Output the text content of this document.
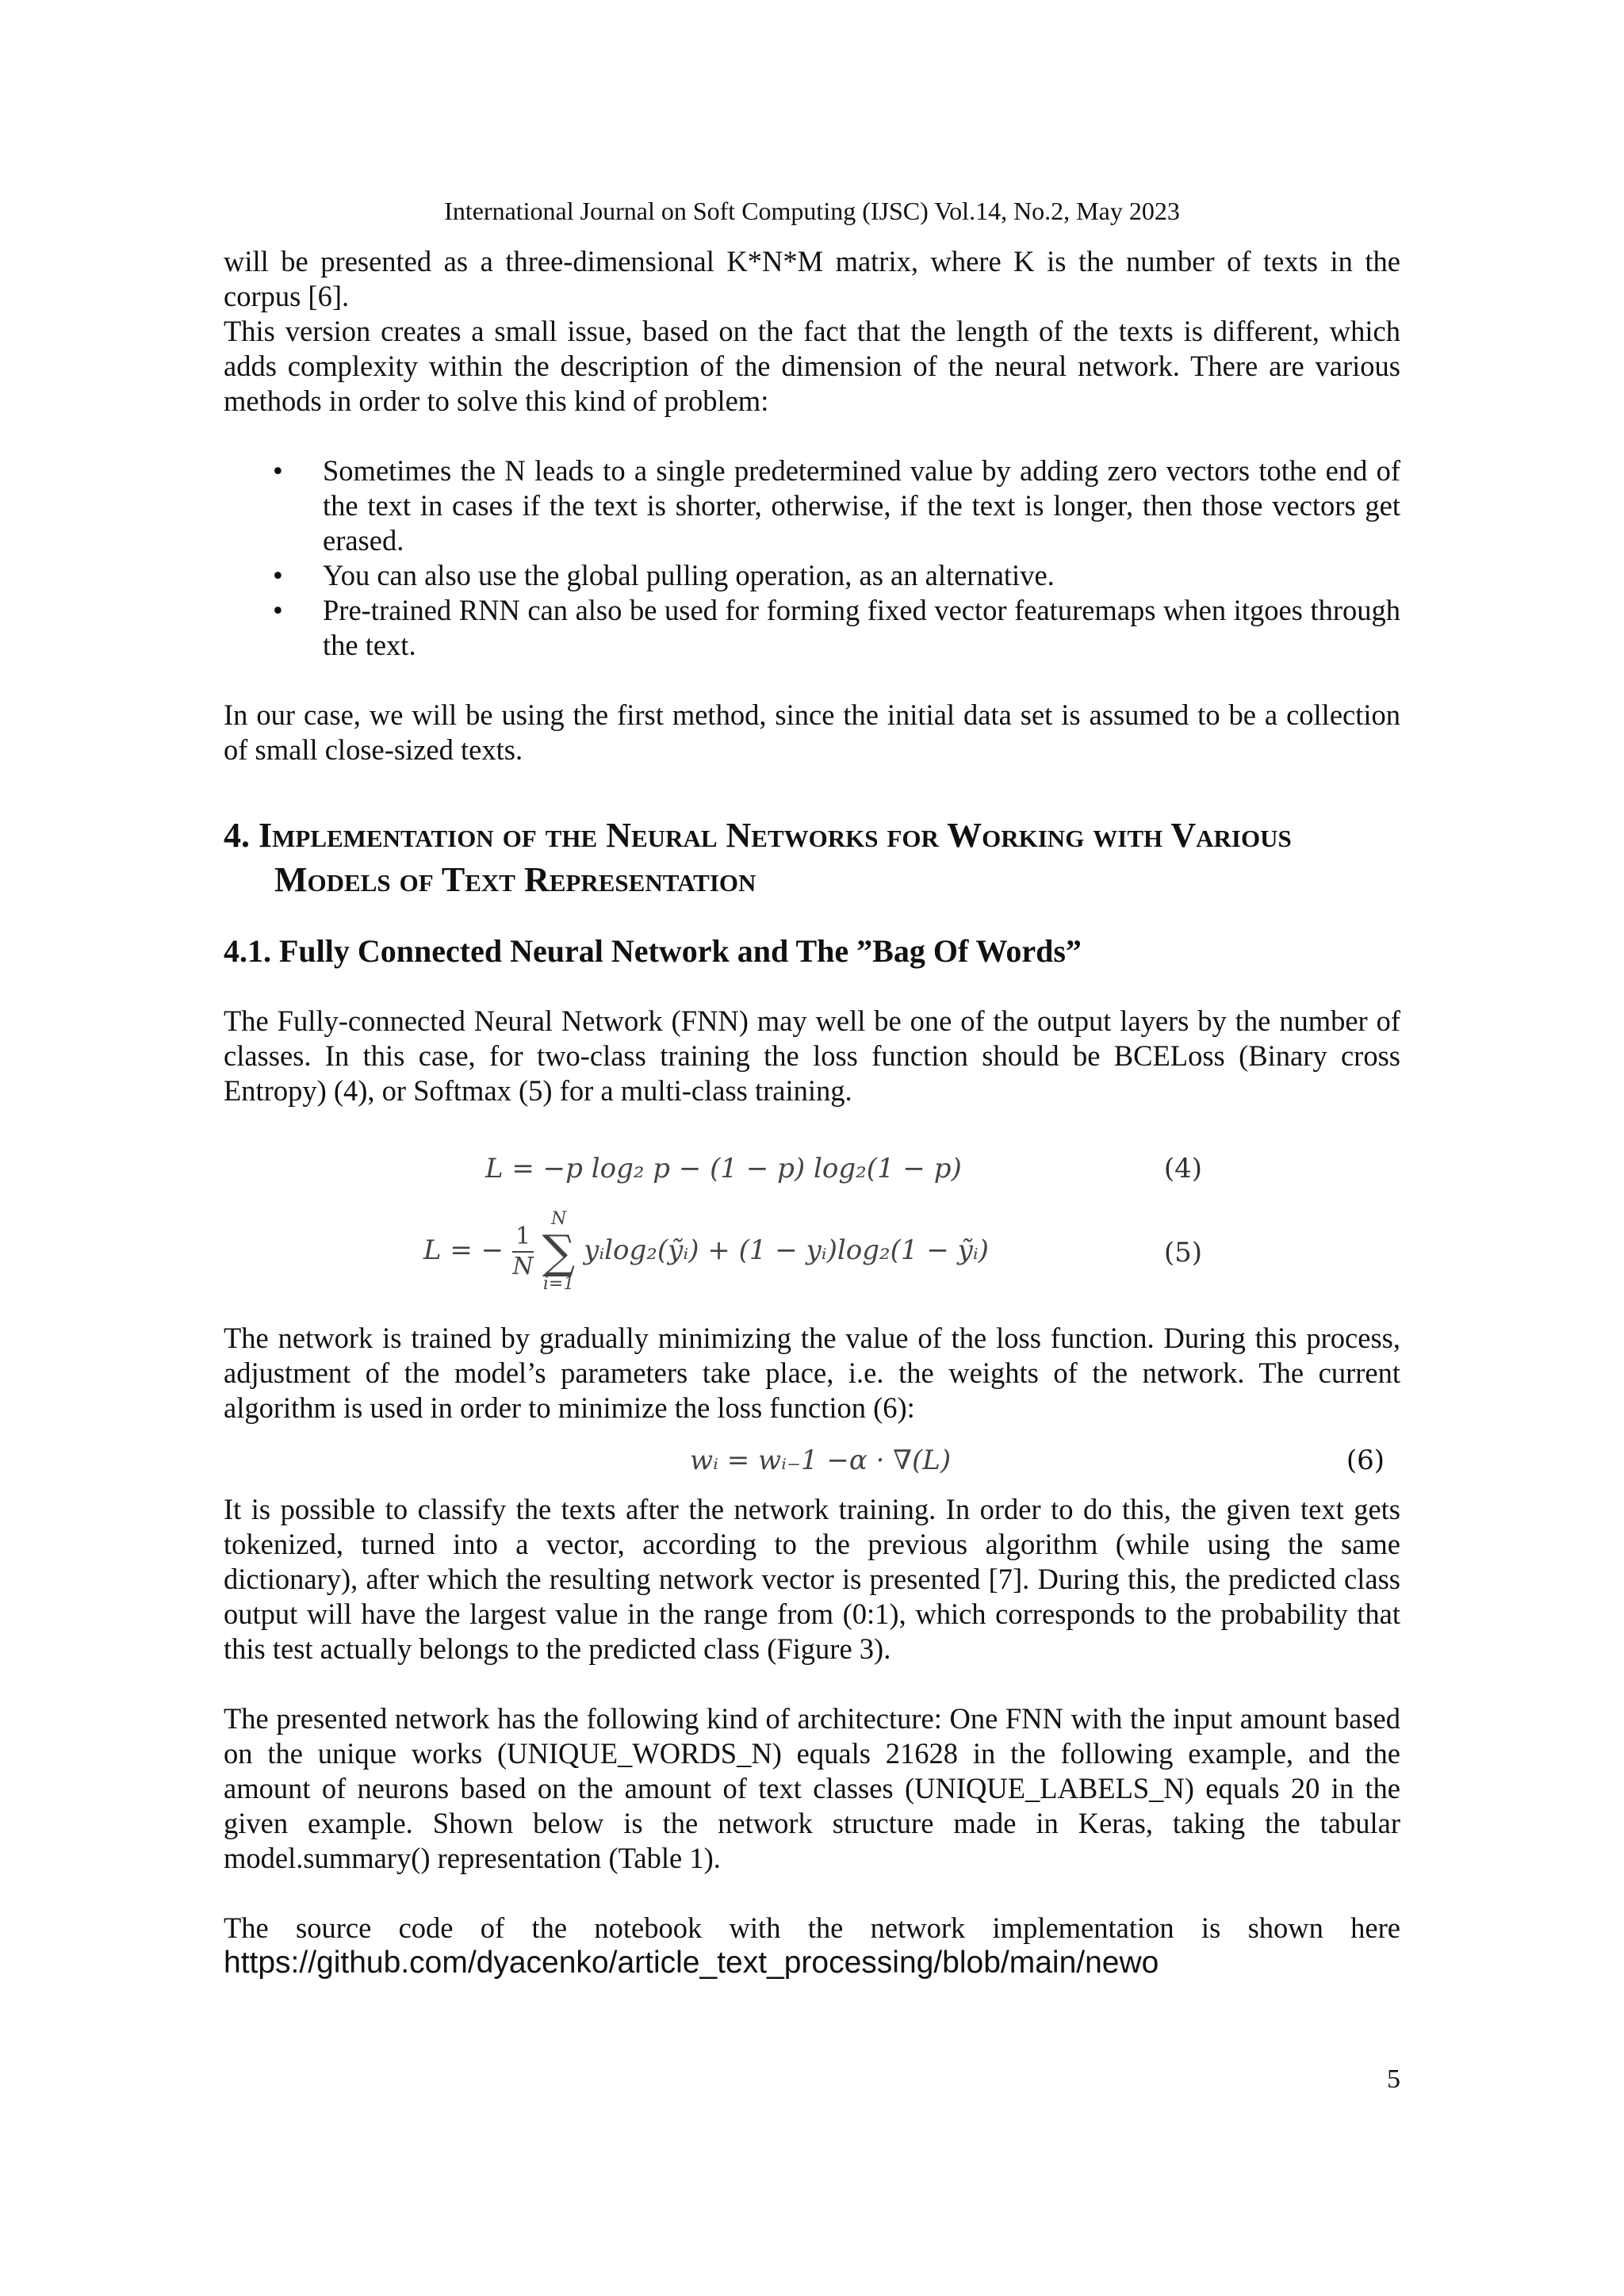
International Journal on Soft Computing (IJSC) Vol.14, No.2, May 2023

will be presented as a three-dimensional K*N*M matrix, where K is the number of texts in the corpus [6].

This version creates a small issue, based on the fact that the length of the texts is different, which adds complexity within the description of the dimension of the neural network. There are various methods in order to solve this kind of problem:

• Sometimes the N leads to a single predetermined value by adding zero vectors tothe end of the text in cases if the text is shorter, otherwise, if the text is longer, then those vectors get erased.
• You can also use the global pulling operation, as an alternative.
• Pre-trained RNN can also be used for forming fixed vector featuremaps when itgoes through the text.

In our case, we will be using the first method, since the initial data set is assumed to be a collection of small close-sized texts.

4. Implementation of the Neural Networks for Working with Various Models of Text Representation
4.1. Fully Connected Neural Network and The ”Bag Of Words”

The Fully-connected Neural Network (FNN) may well be one of the output layers by the number of classes. In this case, for two-class training the loss function should be BCELoss (Binary cross Entropy) (4), or Softmax (5) for a multi-class training.

L = −p log₂ p − (1 − p) log₂(1 − p)	(4)
L = − $\frac{1}{N}$

N
∑
i=1
yᵢlog₂(ỹᵢ) + (1 − yᵢ)log₂(1 − ỹᵢ)	(5)

The network is trained by gradually minimizing the value of the loss function. During this process, adjustment of the model’s parameters take place, i.e. the weights of the network. The current algorithm is used in order to minimize the loss function (6):

wᵢ = wᵢ₋1 −α · ∇(L)	(6)

It is possible to classify the texts after the network training. In order to do this, the given text gets tokenized, turned into a vector, according to the previous algorithm (while using the same dictionary), after which the resulting network vector is presented [7]. During this, the predicted class output will have the largest value in the range from (0:1), which corresponds to the probability that this test actually belongs to the predicted class (Figure 3).

The presented network has the following kind of architecture: One FNN with the input amount based on the unique works (UNIQUE_WORDS_N) equals 21628 in the following example, and the amount of neurons based on the amount of text classes (UNIQUE_LABELS_N) equals 20 in the given example. Shown below is the network structure made in Keras, taking the tabular model.summary() representation (Table 1).

The source code of the notebook with the network implementation is shown here

https://github.com/dyacenko/article_text_processing/blob/main/newo

5
